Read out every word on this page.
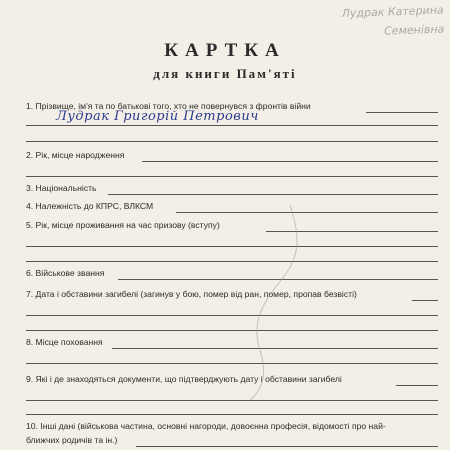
Лудрак Катерина
Семенівна
КАРТКА
для книги Пам'яті
1. Прізвище, ім'я та по батькові того, хто не повернувся з фронтів війни
Лудрак Григорій Петрович
2. Рік, місце народження
3. Національність
4. Належність до КПРС, ВЛКСМ
5. Рік, місце проживання на час призову (вступу)
6. Військове звання
7. Дата і обставини загибелі (загинув у бою, помер від ран, помер, пропав безвісті)
8. Місце поховання
9. Які і де знаходяться документи, що підтверджують дату і обставини загибелі
10. Інші дані (військова частина, основні нагороди, довоєнна професія, відомості про най-
ближчих родичів та ін.)
